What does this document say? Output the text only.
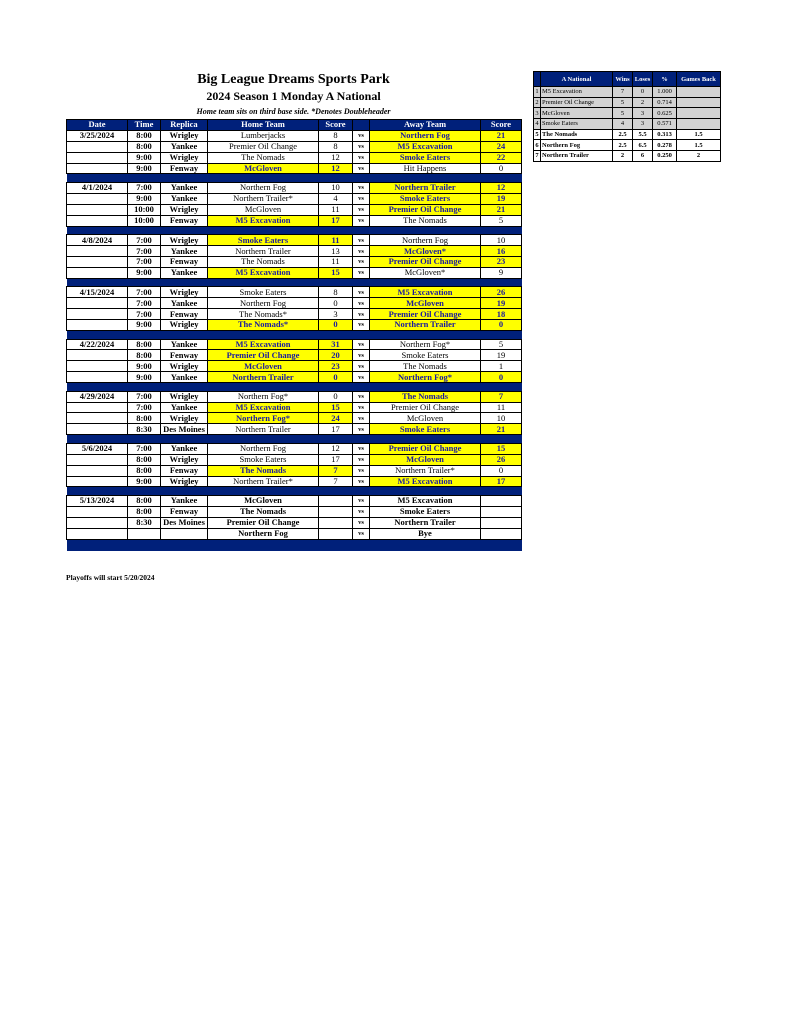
Big League Dreams Sports Park
2024 Season 1 Monday A National
Home team sits on third base side. *Denotes Doubleheader
Date	Time	Replica	Home Team	Score		Away Team	Score
3/25/2024	8:00	Wrigley	Lumberjacks	8	vs	Northern Fog	21
	8:00	Yankee	Premier Oil Change	8	vs	M5 Excavation	24
	9:00	Wrigley	The Nomads	12	vs	Smoke Eaters	22
	9:00	Fenway	McGloven	12	vs	Hit Happens	0

4/1/2024	7:00	Yankee	Northern Fog	10	vs	Northern Trailer	12
	9:00	Yankee	Northern Trailer*	4	vs	Smoke Eaters	19
	10:00	Wrigley	McGloven	11	vs	Premier Oil Change	21
	10:00	Fenway	M5 Excavation	17	vs	The Nomads	5

4/8/2024	7:00	Wrigley	Smoke Eaters	11	vs	Northern Fog	10
	7:00	Yankee	Northern Trailer	13	vs	McGloven*	16
	7:00	Fenway	The Nomads	11	vs	Premier Oil Change	23
	9:00	Yankee	M5 Excavation	15	vs	McGloven*	9

4/15/2024	7:00	Wrigley	Smoke Eaters	8	vs	M5 Excavation	26
	7:00	Yankee	Northern Fog	0	vs	McGloven	19
	7:00	Fenway	The Nomads*	3	vs	Premier Oil Change	18
	9:00	Wrigley	The Nomads*	0	vs	Northern Trailer	0

4/22/2024	8:00	Yankee	M5 Excavation	31	vs	Northern Fog*	5
	8:00	Fenway	Premier Oil Change	20	vs	Smoke Eaters	19
	9:00	Wrigley	McGloven	23	vs	The Nomads	1
	9:00	Yankee	Northern Trailer	0	vs	Northern Fog*	0

4/29/2024	7:00	Wrigley	Northern Fog*	0	vs	The Nomads	7
	7:00	Yankee	M5 Excavation	15	vs	Premier Oil Change	11
	8:00	Wrigley	Northern Fog*	24	vs	McGloven	10
	8:30	Des Moines	Northern Trailer	17	vs	Smoke Eaters	21

5/6/2024	7:00	Yankee	Northern Fog	12	vs	Premier Oil Change	15
	8:00	Wrigley	Smoke Eaters	17	vs	McGloven	26
	8:00	Fenway	The Nomads	7	vs	Northern Trailer*	0
	9:00	Wrigley	Northern Trailer*	7	vs	M5 Excavation	17

5/13/2024	8:00	Yankee	McGloven		vs	M5 Excavation	
	8:00	Fenway	The Nomads		vs	Smoke Eaters	
	8:30	Des Moines	Premier Oil Change		vs	Northern Trailer	
			Northern Fog		vs	Bye	

	A National	Wins	Loses	%	Games Back
1	M5 Excavation	7	0	1.000	
2	Premier Oil Change	5	2	0.714	
3	McGloven	5	3	0.625	
4	Smoke Eaters	4	3	0.571	
5	The Nomads	2.5	5.5	0.313	1.5
6	Northern Fog	2.5	6.5	0.278	1.5
7	Northern Trailer	2	6	0.250	2
Playoffs will start 5/20/2024
